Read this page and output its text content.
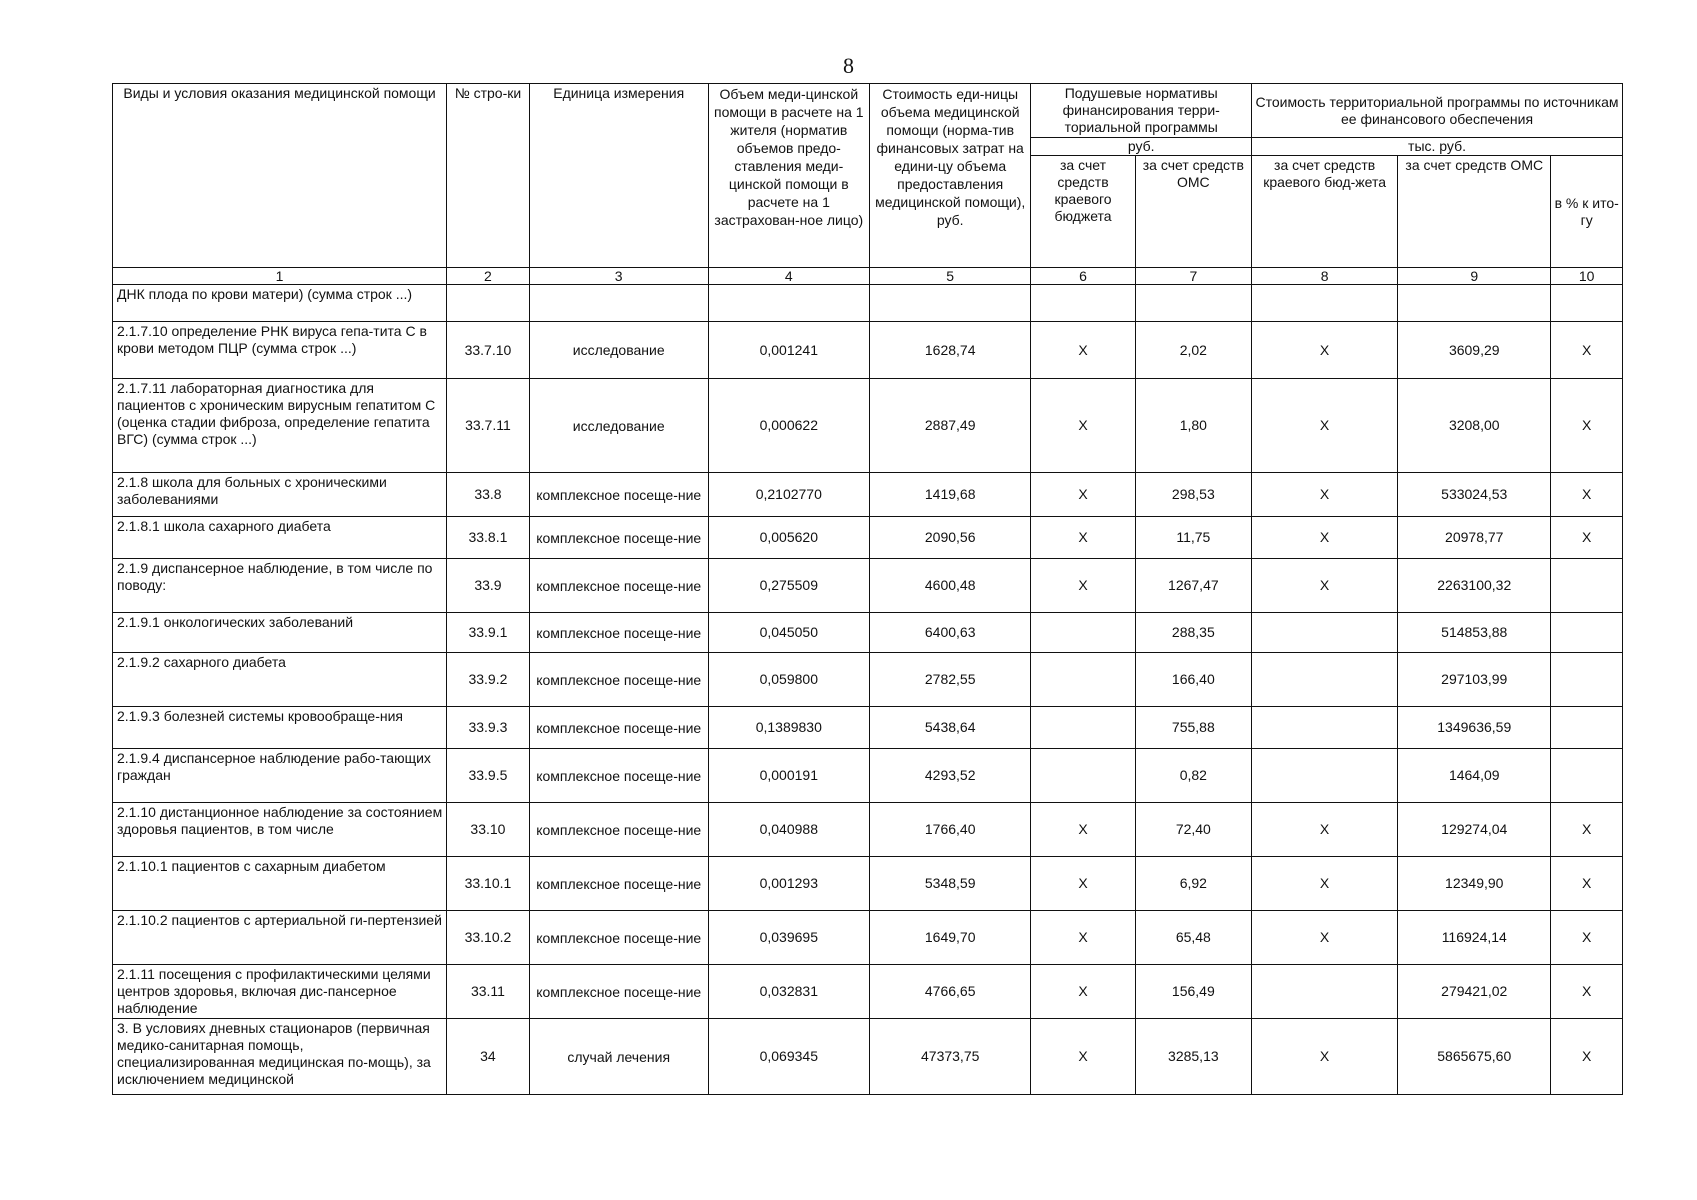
8
Виды и условия оказания медицинской помощи	№ стро-ки	Единица измерения	Объем меди-цинской помощи в расчете на 1 жителя (норматив объемов предо-ставления меди-цинской помощи в расчете на 1 застрахован-ное лицо)	Стоимость еди-ницы объема медицинской помощи (норма-тив финансовых затрат на едини-цу объема предоставления медицинской помощи), руб.	Подушевые нормативы финансирования терри-ториальной программы		Стоимость территориальной программы по источникам ее финансового обеспечения		
					руб.		тыс. руб.		
					за счет средств краевого бюджета	за счет средств ОМС	за счет средств краевого бюд-жета	за счет средств ОМС	в % к ито-гу
1	2	3	4	5	6	7	8	9	10
ДНК плода по крови матери) (сумма строк ...)									
2.1.7.10 определение РНК вируса гепа-тита С в крови методом ПЦР (сумма строк ...)	33.7.10	исследование	0,001241	1628,74	X	2,02	X	3609,29	X
2.1.7.11 лабораторная диагностика для пациентов с хроническим вирусным гепатитом С (оценка стадии фиброза, определение гепатита ВГС) (сумма строк ...)	33.7.11	исследование	0,000622	2887,49	X	1,80	X	3208,00	X
2.1.8 школа для больных с хроническими заболеваниями	33.8	комплексное посеще-ние	0,2102770	1419,68	X	298,53	X	533024,53	X
2.1.8.1 школа сахарного диабета	33.8.1	комплексное посеще-ние	0,005620	2090,56	X	11,75	X	20978,77	X
2.1.9 диспансерное наблюдение, в том числе по поводу:	33.9	комплексное посеще-ние	0,275509	4600,48	X	1267,47	X	2263100,32	
2.1.9.1 онкологических заболеваний	33.9.1	комплексное посеще-ние	0,045050	6400,63		288,35		514853,88	
2.1.9.2 сахарного диабета	33.9.2	комплексное посеще-ние	0,059800	2782,55		166,40		297103,99	
2.1.9.3 болезней системы кровообраще-ния	33.9.3	комплексное посеще-ние	0,1389830	5438,64		755,88		1349636,59	
2.1.9.4 диспансерное наблюдение рабо-тающих граждан	33.9.5	комплексное посеще-ние	0,000191	4293,52		0,82		1464,09	
2.1.10 дистанционное наблюдение за состоянием здоровья пациентов, в том числе	33.10	комплексное посеще-ние	0,040988	1766,40	X	72,40	X	129274,04	X
2.1.10.1 пациентов с сахарным диабетом	33.10.1	комплексное посеще-ние	0,001293	5348,59	X	6,92	X	12349,90	X
2.1.10.2 пациентов с артериальной ги-пертензией	33.10.2	комплексное посеще-ние	0,039695	1649,70	X	65,48	X	116924,14	X
2.1.11 посещения с профилактическими целями центров здоровья, включая дис-пансерное наблюдение	33.11	комплексное посеще-ние	0,032831	4766,65	X	156,49		279421,02	X
3. В условиях дневных стационаров (первичная медико-санитарная помощь, специализированная медицинская по-мощь), за исключением медицинской	34	случай лечения	0,069345	47373,75	X	3285,13	X	5865675,60	X
